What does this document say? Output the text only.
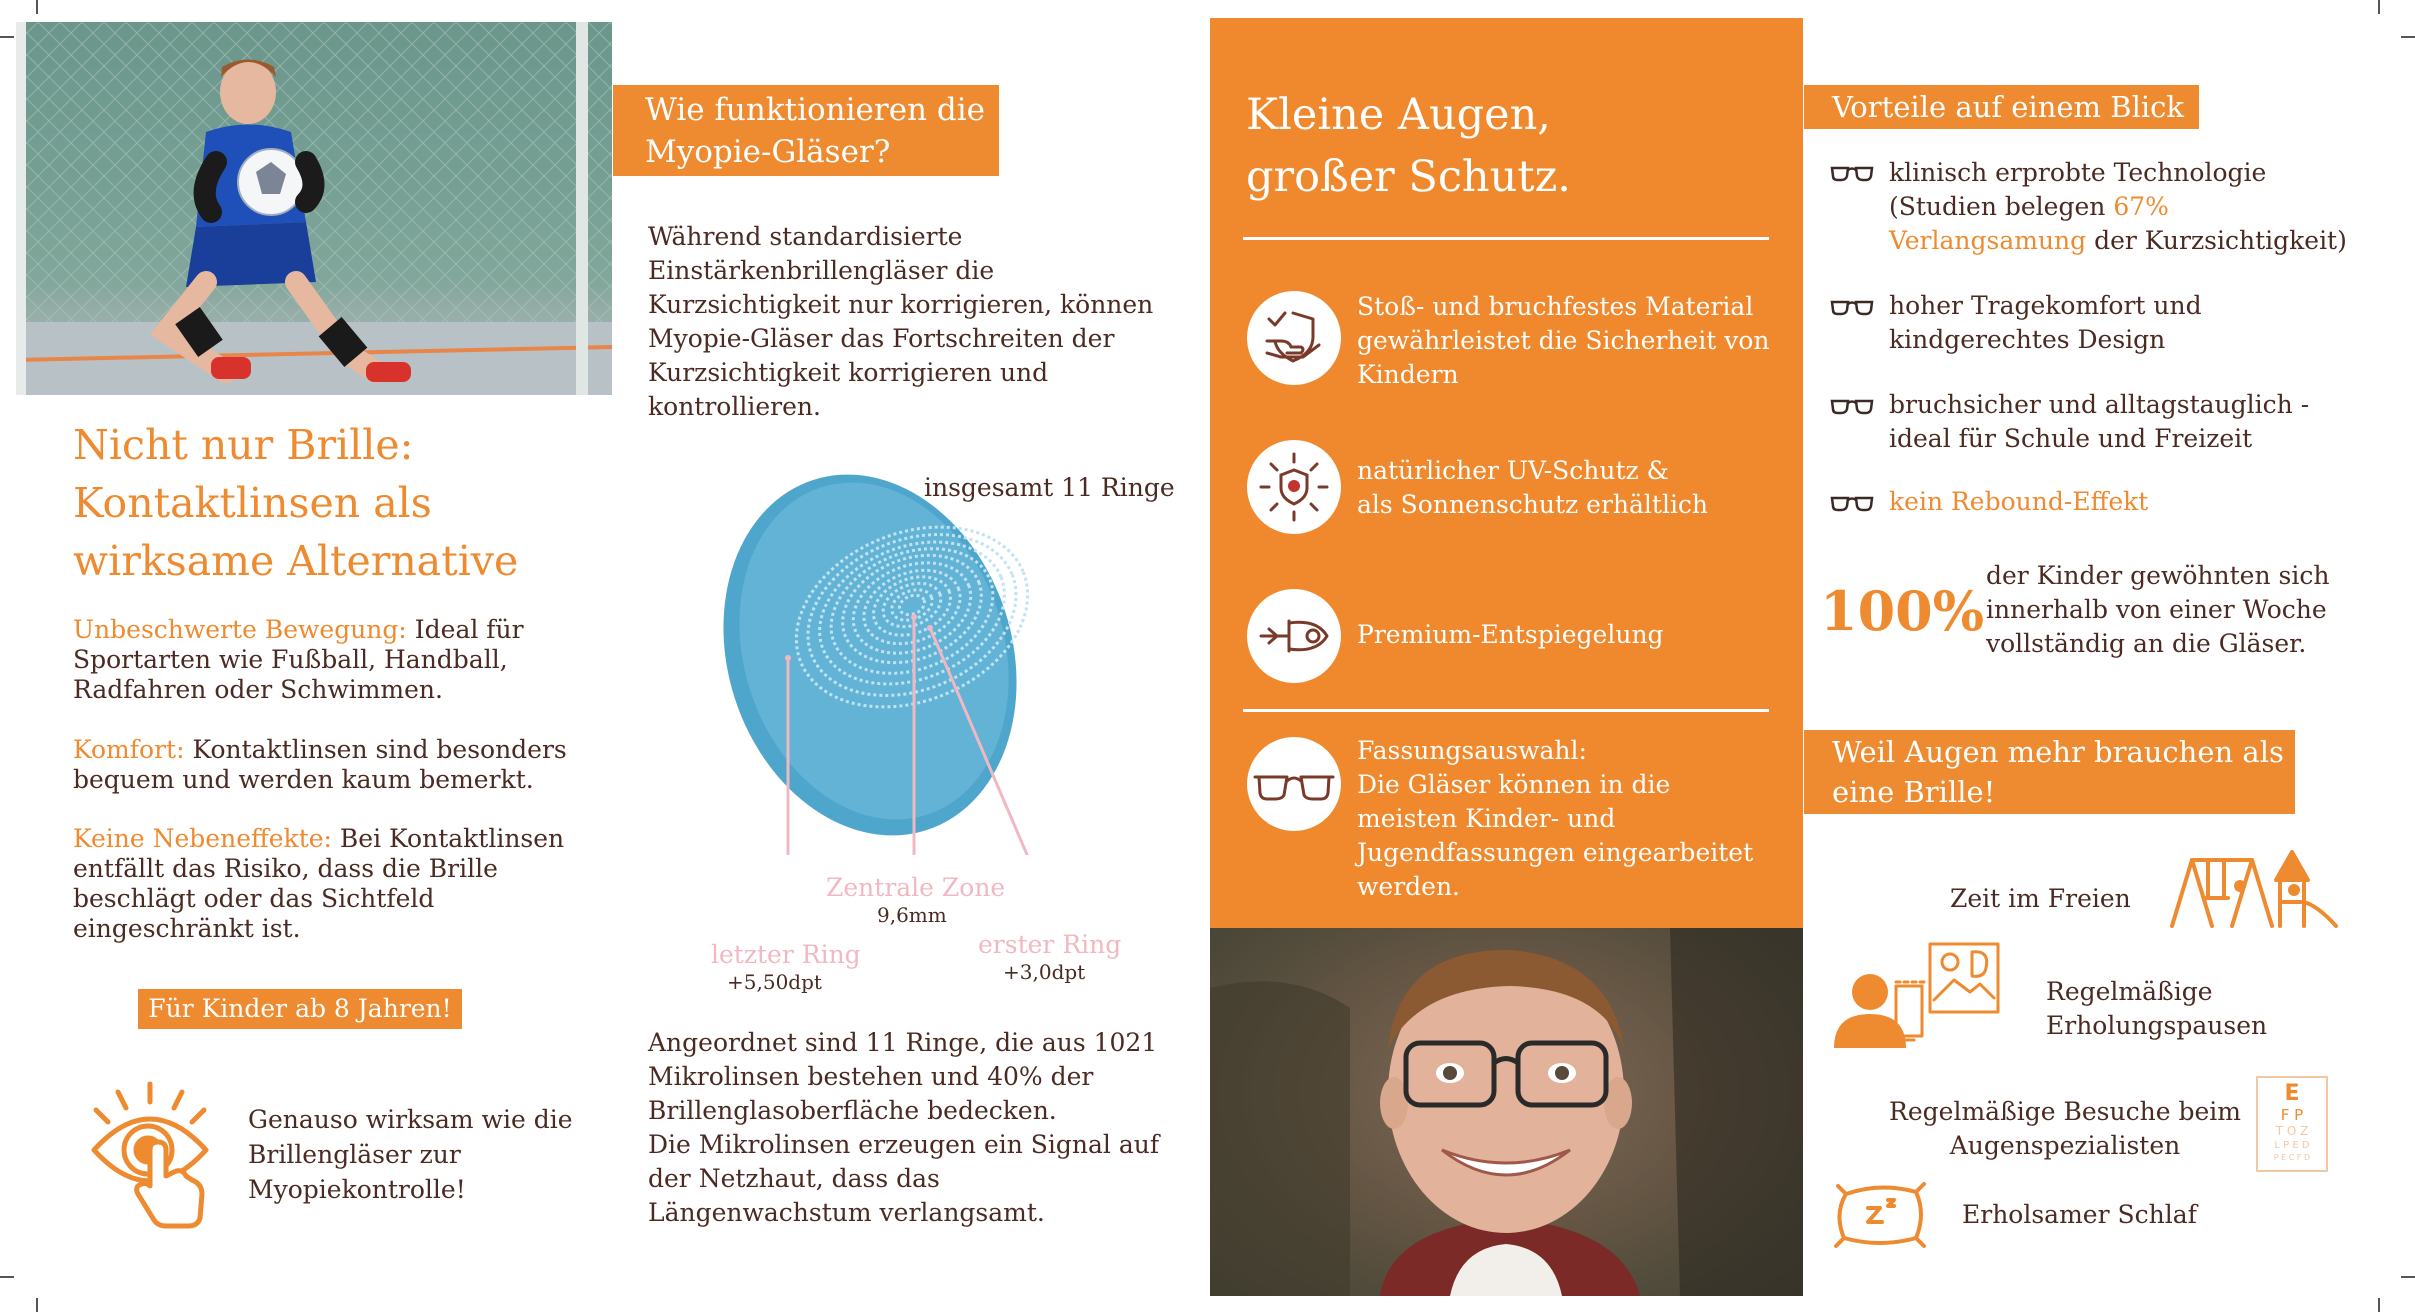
Nicht nur Brille:
Kontaktlinsen als
wirksame Alternative
Unbeschwerte Bewegung: Ideal für Sportarten wie Fußball, Handball, Radfahren oder Schwimmen.
Komfort: Kontaktlinsen sind besonders bequem und werden kaum bemerkt.
Keine Nebeneffekte: Bei Kontaktlinsen entfällt das Risiko, dass die Brille beschlägt oder das Sichtfeld eingeschränkt ist.
Für Kinder ab 8 Jahren!
Genauso wirksam wie die
Brillengläser zur
Myopiekontrolle!
Wie funktionieren die
Myopie-Gläser?
Während standardisierte
Einstärkenbrillengläser die
Kurzsichtigkeit nur korrigieren, können
Myopie-Gläser das Fortschreiten der
Kurzsichtigkeit korrigieren und
kontrollieren.
insgesamt 11 Ringe
Zentrale Zone
9,6mm
letzter Ring
+5,50dpt
erster Ring
+3,0dpt
Angeordnet sind 11 Ringe, die aus 1021
Mikrolinsen bestehen und 40% der
Brillenglasoberfläche bedecken.
Die Mikrolinsen erzeugen ein Signal auf
der Netzhaut, dass das
Längenwachstum verlangsamt.
Kleine Augen,
großer Schutz.
Stoß- und bruchfestes Material
gewährleistet die Sicherheit von
Kindern
natürlicher UV-Schutz &
als Sonnenschutz erhältlich
Premium-Entspiegelung
Fassungsauswahl:
Die Gläser können in die
meisten Kinder- und
Jugendfassungen eingearbeitet
werden.
Vorteile auf einem Blick
klinisch erprobte Technologie
(Studien belegen 67%
Verlangsamung der Kurzsichtigkeit)
hoher Tragekomfort und
kindgerechtes Design
bruchsicher und alltagstauglich -
ideal für Schule und Freizeit
kein Rebound-Effekt
100%
der Kinder gewöhnten sich
innerhalb von einer Woche
vollständig an die Gläser.
Weil Augen mehr brauchen als
eine Brille!
Zeit im Freien
Regelmäßige
Erholungspausen
Regelmäßige Besuche beim
Augenspezialisten
E
F P
T O Z
L P E D
P E C F D
Erholsamer Schlaf
